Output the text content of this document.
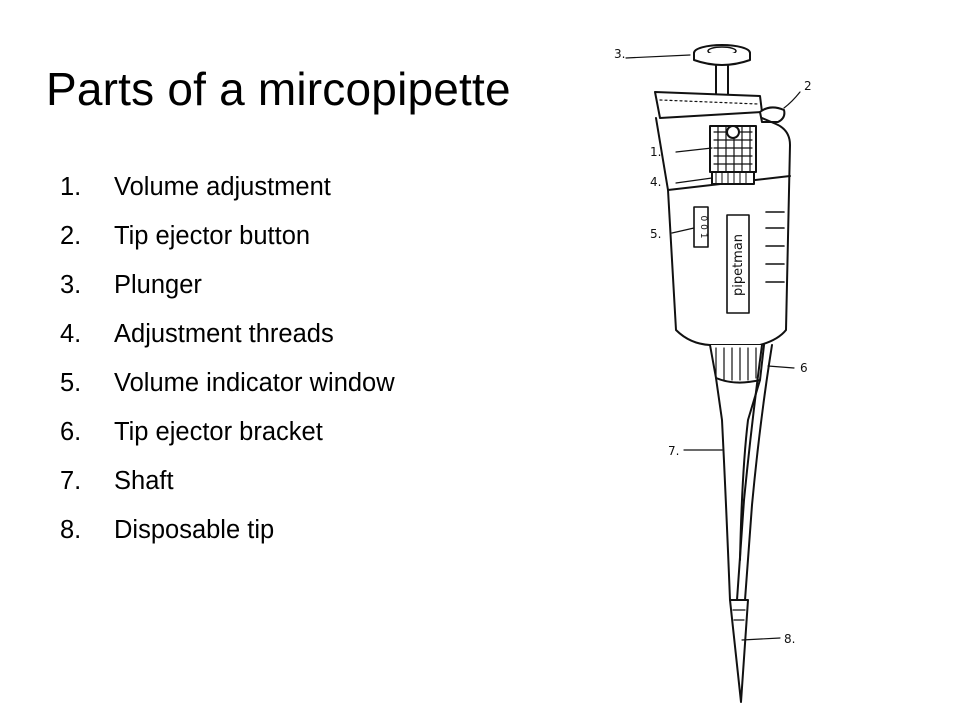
Parts of a mircopipette
1.	Volume adjustment
2.	Tip ejector button
3.	Plunger
4.	Adjustment threads
5.	Volume indicator window
6.	Tip ejector bracket
7.	Shaft
8.	Disposable tip
0 0 1
pipetman
3.
2
1.
4.
5.
6
7.
8.
